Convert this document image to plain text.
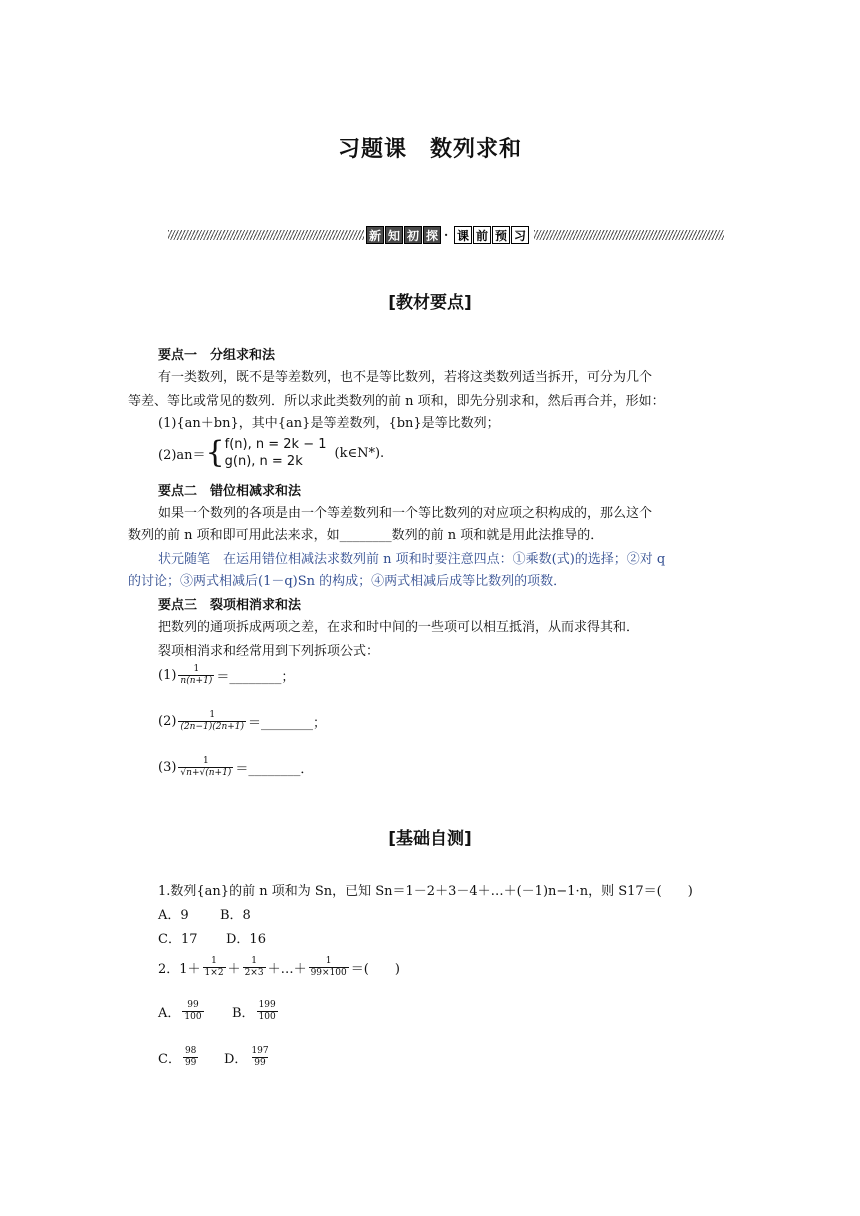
习题课　数列求和
新 知 初 探 · 课 前 预 习
[教材要点]
要点一　分组求和法
有一类数列，既不是等差数列，也不是等比数列，若将这类数列适当拆开，可分为几个
等差、等比或常见的数列．所以求此类数列的前 n 项和，即先分别求和，然后再合并，形如：
(1){an＋bn}，其中{an}是等差数列，{bn}是等比数列；
(2)an＝ { f(n), n = 2k − 1
g(n), n = 2k
(k∈N*).
要点二　错位相减求和法
如果一个数列的各项是由一个等差数列和一个等比数列的对应项之积构成的，那么这个
数列的前 n 项和即可用此法来求，如________数列的前 n 项和就是用此法推导的．
状元随笔　在运用错位相减法求数列前 n 项和时要注意四点：①乘数(式)的选择；②对 q
的讨论；③两式相减后(1－q)Sn 的构成；④两式相减后成等比数列的项数．
要点三　裂项相消求和法
把数列的通项拆成两项之差，在求和时中间的一些项可以相互抵消，从而求得其和．
裂项相消求和经常用到下列拆项公式：
$(1) \frac{1}{n(n+1)}$ ＝________；
$(2) \frac{1}{(2n-1)(2n+1)}$ ＝________；
$(3) \frac{1}{√n+√(n+1)}$ ＝________．
[基础自测]
1.数列{an}的前 n 项和为 Sn，已知 Sn＝1－2＋3－4＋…＋(－1)n−1·n，则 S17＝(　　)
A．9 B．8
C．17 D．16
2．$1+ \frac{1}{1\times 2} + \frac{1}{2\times 3}$ ＋…＋ $\frac{1}{99\times 100}$ ＝(　　)
A． $\frac{99}{100}$ B． $\frac{199}{100}$
C． $\frac{98}{99}$ D． $\frac{197}{99}$
